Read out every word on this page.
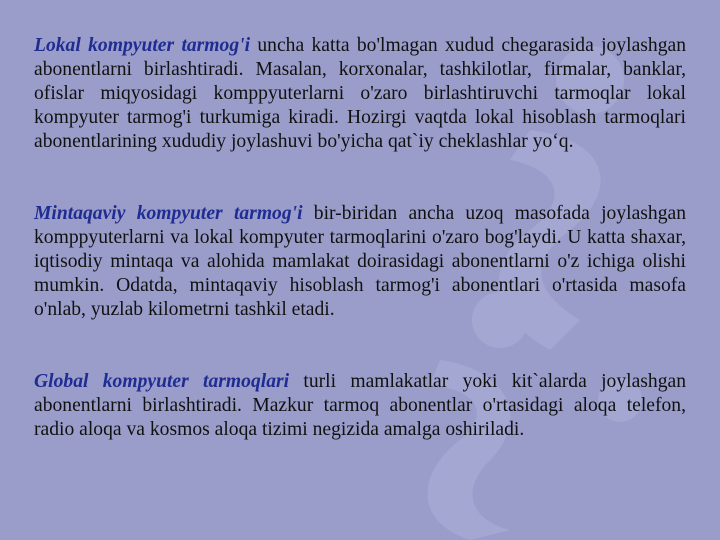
Lokal kompyuter tarmog'i uncha katta bo'lmagan xudud chegarasida joylashgan abonentlarni birlashtiradi. Masalan, korxonalar, tashkilotlar, firmalar, banklar, ofislar miqyosidagi komppyuterlarni o'zaro birlashtiruvchi tarmoqlar lokal kompyuter tarmog'i turkumiga kiradi. Hozirgi vaqtda lokal hisoblash tarmoqlari abonentlarining xududiy joylashuvi bo'yicha qat`iy cheklashlar yo‘q.

Mintaqaviy kompyuter tarmog'i bir-biridan ancha uzoq masofada joylashgan komppyuterlarni va lokal kompyuter tarmoqlarini o'zaro bog'laydi. U katta shaxar, iqtisodiy mintaqa va alohida mamlakat doirasidagi abonentlarni o'z ichiga olishi mumkin. Odatda, mintaqaviy hisoblash tarmog'i abonentlari o'rtasida masofa o'nlab, yuzlab kilometrni tashkil etadi.

Global kompyuter tarmoqlari turli mamlakatlar yoki kit`alarda joylashgan abonentlarni birlashtiradi. Mazkur tarmoq abonentlar o'rtasidagi aloqa telefon, radio aloqa va kosmos aloqa tizimi negizida amalga oshiriladi.
